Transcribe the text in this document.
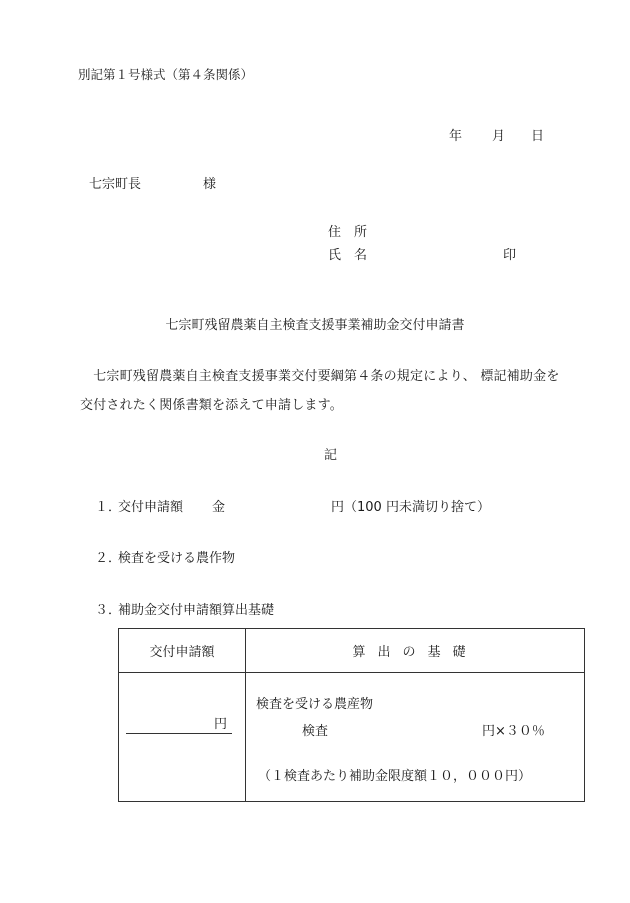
別記第１号様式（第４条関係）
年 月 日
七宗町長	様
住　所
氏　名	印
七宗町残留農薬自主検査支援事業補助金交付申請書
　七宗町残留農薬自主検査支援事業交付要綱第４条の規定により、 標記補助金を交付されたく関係書類を添えて申請します。
記
１．
交付申請額 金	円（100 円未満切り捨て）
２．
検査を受ける農作物
３．
補助金交付申請額算出基礎
交付申請額	算出の基礎

円	検査を受ける農産物
検査 円×３０％
（１検査あたり補助金限度額１０，０００円）
